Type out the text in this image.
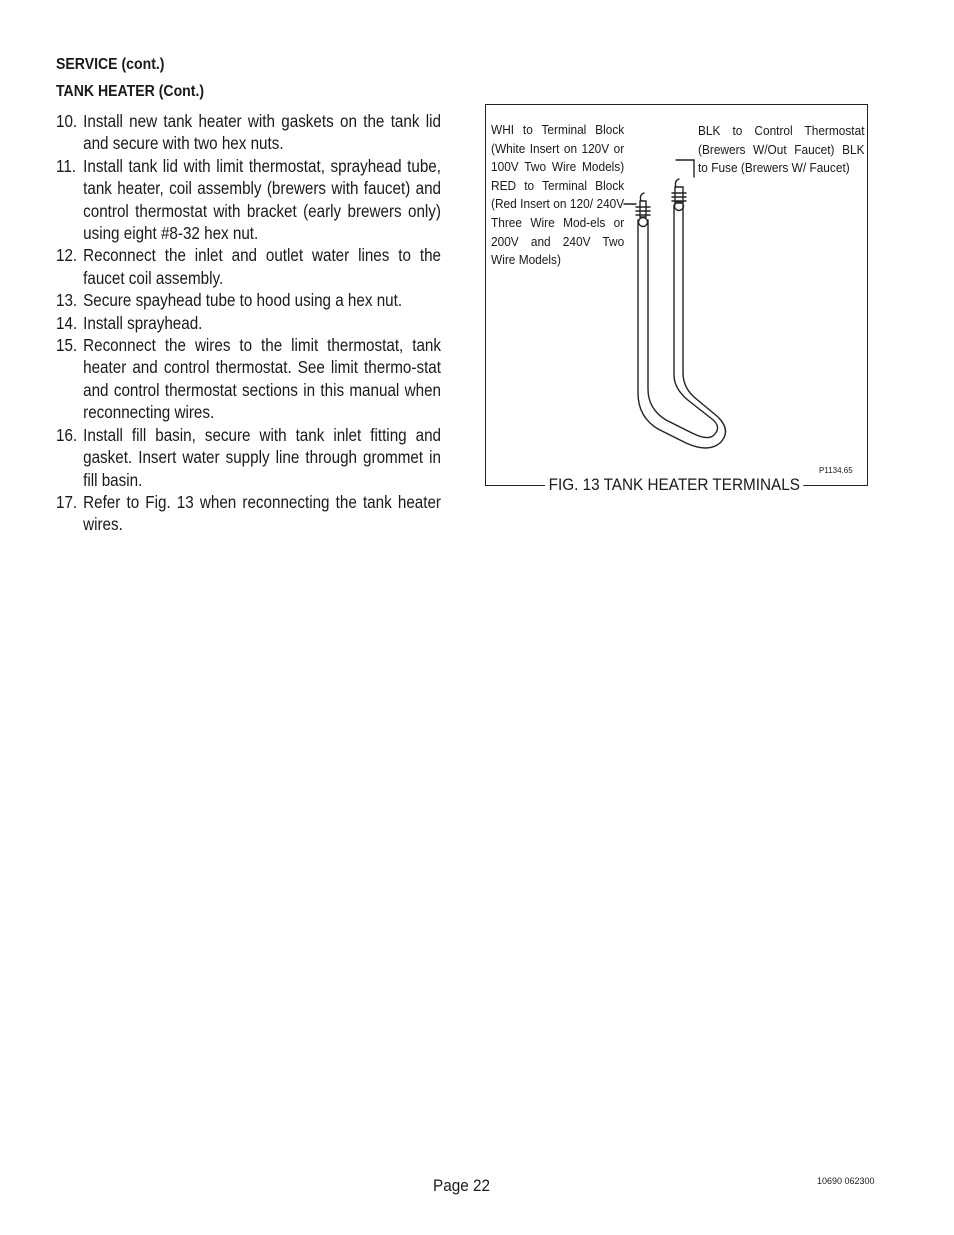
SERVICE (cont.)
TANK HEATER (Cont.)
10. Install new tank heater with gaskets on the tank lid and secure with two hex nuts.
11. Install tank lid with limit thermostat, sprayhead tube, tank heater, coil assembly (brewers with faucet) and control thermostat with bracket (early brewers only) using eight #8-32 hex nut.
12. Reconnect the inlet and outlet water lines to the faucet coil assembly.
13. Secure spayhead tube to hood using a hex nut.
14. Install sprayhead.
15. Reconnect the wires to the limit thermostat, tank heater and control thermostat. See limit thermo-stat and control thermostat sections in this manual when reconnecting wires.
16. Install fill basin, secure with tank inlet fitting and gasket. Insert water supply line through grommet in fill basin.
17. Refer to Fig. 13 when reconnecting the tank heater wires.
WHI to Terminal Block (White Insert on 120V or 100V Two Wire Models) RED to Terminal Block (Red Insert on 120/ 240V Three Wire Mod-els or 200V and 240V Two Wire Models)
BLK to Control Thermostat (Brewers W/Out Faucet) BLK to Fuse (Brewers W/ Faucet)
P1134.65
FIG. 13 TANK HEATER TERMINALS
Page 22	10690 062300
